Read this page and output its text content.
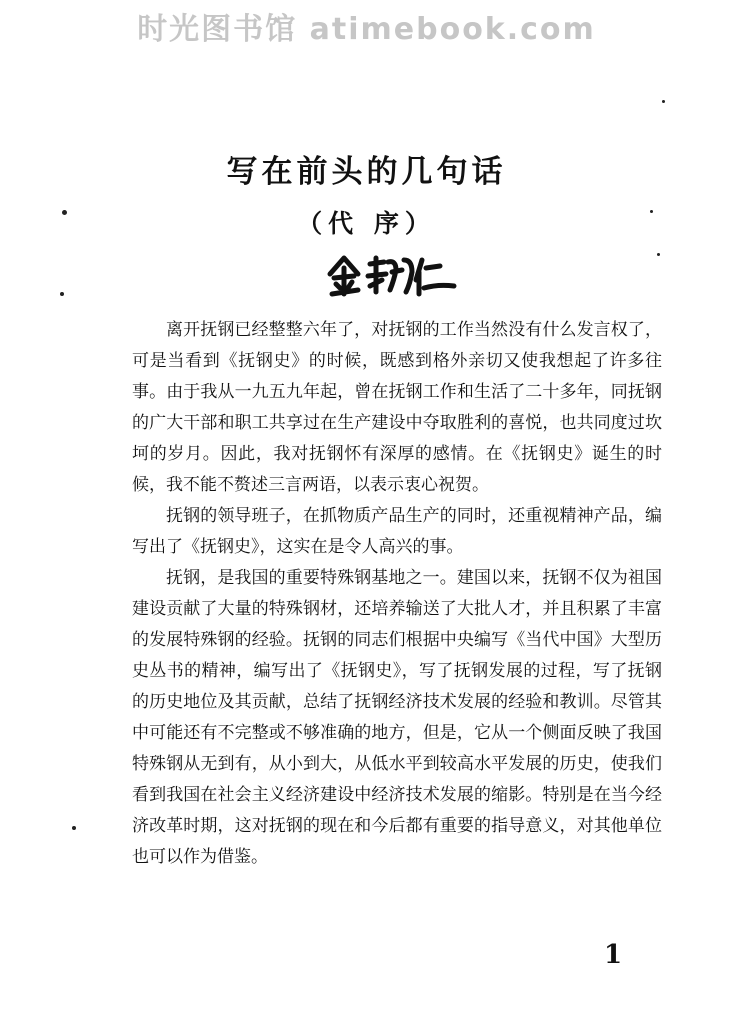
时光图书馆 atimebook.com
写在前头的几句话
（代 序）

离开抚钢已经整整六年了，对抚钢的工作当然没有什么发言权了，可是当看到《抚钢史》的时候，既感到格外亲切又使我想起了许多往事。由于我从一九五九年起，曾在抚钢工作和生活了二十多年，同抚钢的广大干部和职工共享过在生产建设中夺取胜利的喜悦，也共同度过坎坷的岁月。因此，我对抚钢怀有深厚的感情。在《抚钢史》诞生的时候，我不能不赘述三言两语，以表示衷心祝贺。

抚钢的领导班子，在抓物质产品生产的同时，还重视精神产品，编写出了《抚钢史》，这实在是令人高兴的事。

抚钢，是我国的重要特殊钢基地之一。建国以来，抚钢不仅为祖国建设贡献了大量的特殊钢材，还培养输送了大批人才，并且积累了丰富的发展特殊钢的经验。抚钢的同志们根据中央编写《当代中国》大型历史丛书的精神，编写出了《抚钢史》，写了抚钢发展的过程，写了抚钢的历史地位及其贡献，总结了抚钢经济技术发展的经验和教训。尽管其中可能还有不完整或不够准确的地方，但是，它从一个侧面反映了我国特殊钢从无到有，从小到大，从低水平到较高水平发展的历史，使我们看到我国在社会主义经济建设中经济技术发展的缩影。特别是在当今经济改革时期，这对抚钢的现在和今后都有重要的指导意义，对其他单位也可以作为借鉴。

1
